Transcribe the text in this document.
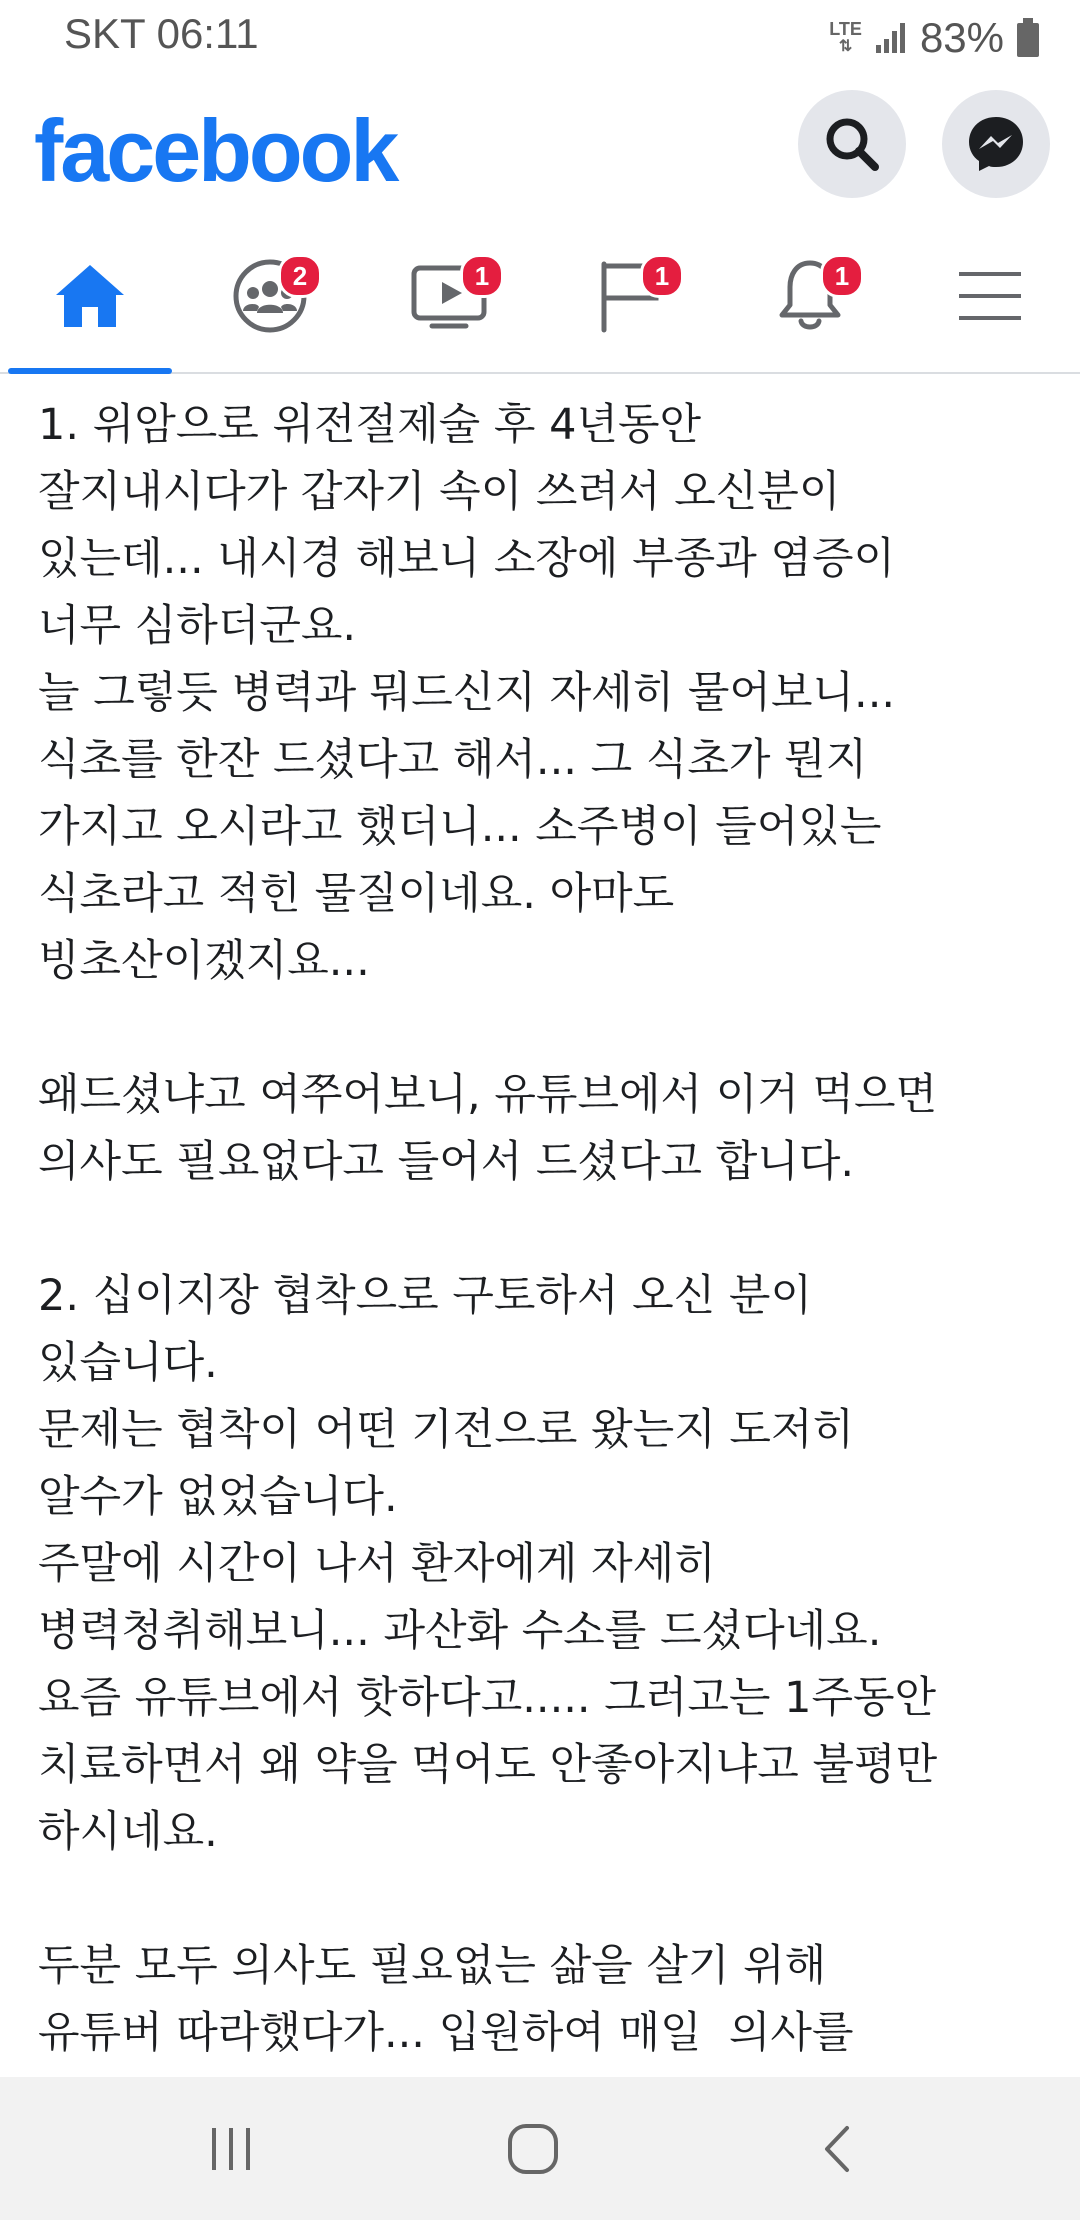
SKT 06:11	LTE
⇅ 83%
facebook
2	1	1	1

1. 위암으로 위전절제술 후 4년동안

잘지내시다가 갑자기 속이 쓰려서 오신분이

있는데... 내시경 해보니 소장에 부종과 염증이

너무 심하더군요.

늘 그렇듯 병력과 뭐드신지 자세히 물어보니...

식초를 한잔 드셨다고 해서... 그 식초가 뭔지

가지고 오시라고 했더니... 소주병이 들어있는

식초라고 적힌 물질이네요. 아마도

빙초산이겠지요...

왜드셨냐고 여쭈어보니, 유튜브에서 이거 먹으면

의사도 필요없다고 들어서 드셨다고 합니다.

2. 십이지장 협착으로 구토하서 오신 분이

있습니다.

문제는 협착이 어떤 기전으로 왔는지 도저히

알수가 없었습니다.

주말에 시간이 나서 환자에게 자세히

병력청취해보니... 과산화 수소를 드셨다네요.

요즘 유튜브에서 핫하다고..... 그러고는 1주동안

치료하면서 왜 약을 먹어도 안좋아지냐고 불평만

하시네요.

두분 모두 의사도 필요없는 삶을 살기 위해

유튜버 따라했다가... 입원하여 매일  의사를
